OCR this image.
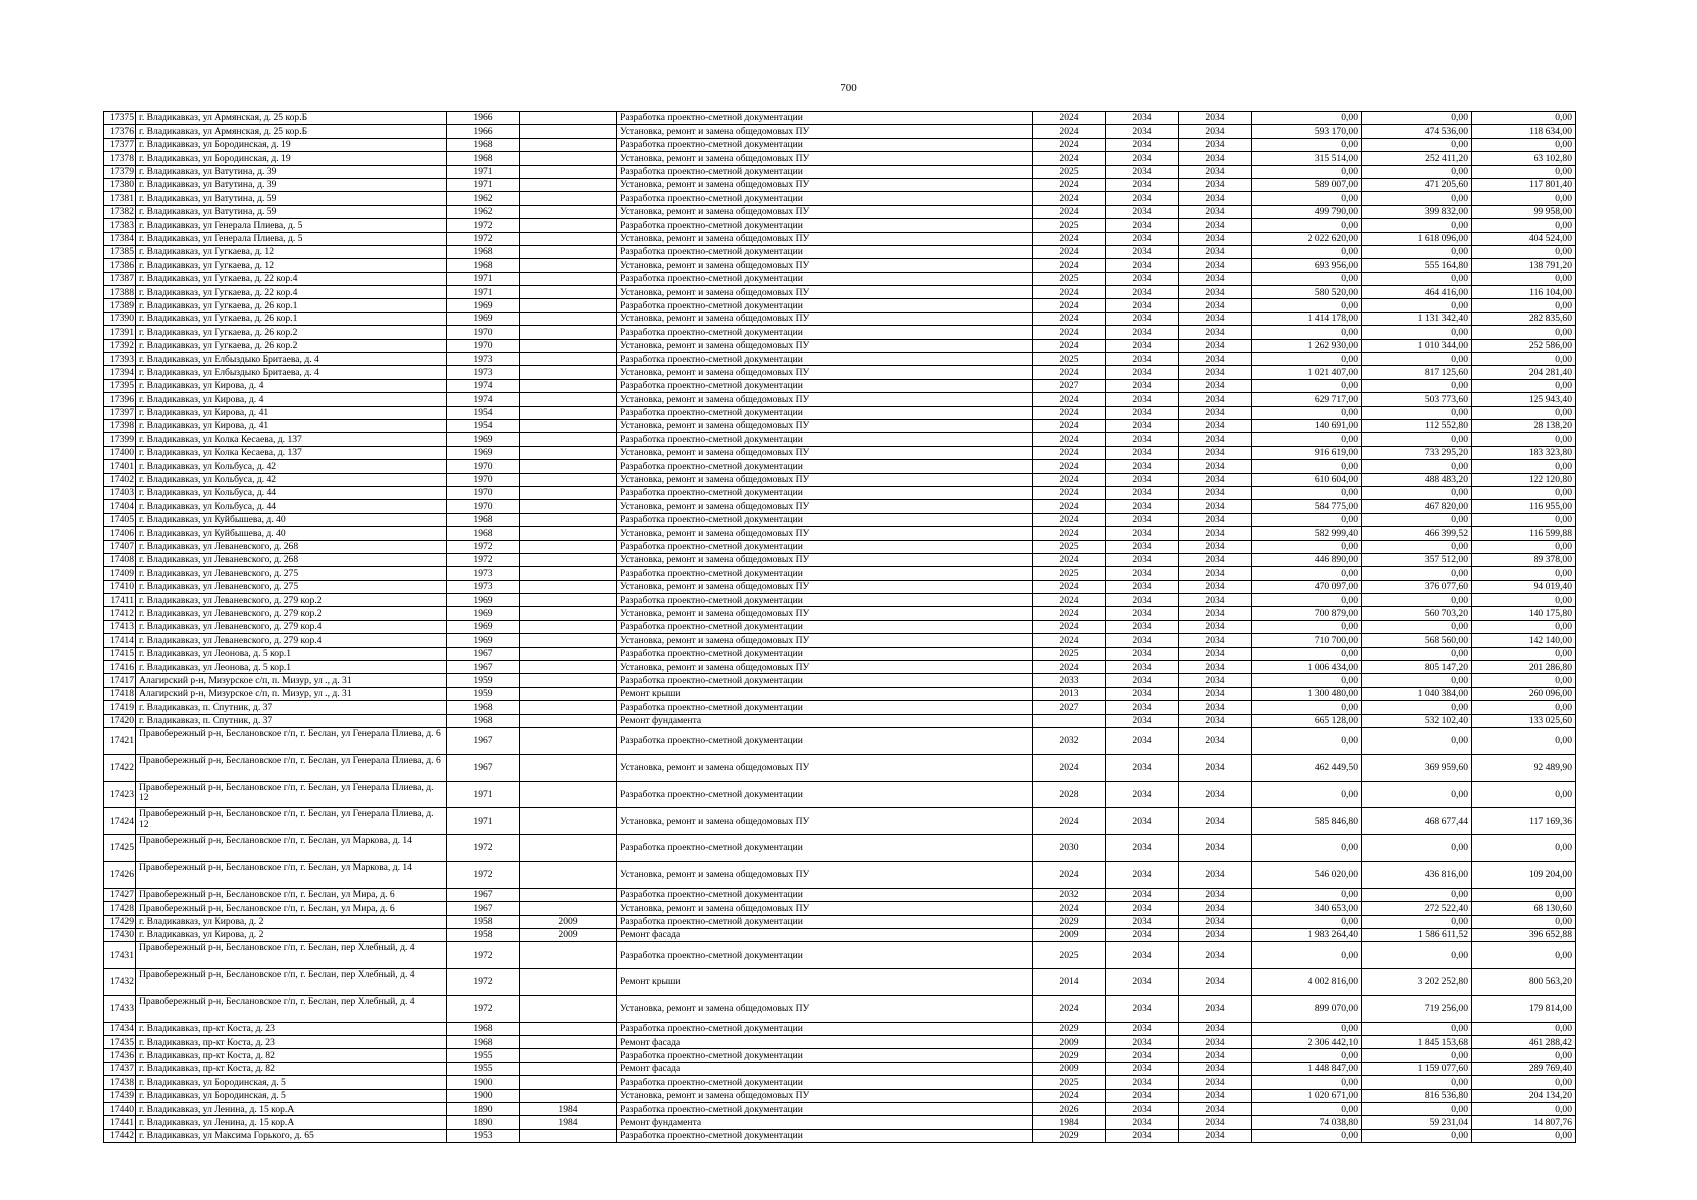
700
17375	г. Владикавказ, ул Армянская, д. 25 кор.Б	1966		Разработка проектно-сметной документации	2024	2034	2034	0,00	0,00	0,00
17376	г. Владикавказ, ул Армянская, д. 25 кор.Б	1966		Установка, ремонт и замена общедомовых ПУ	2024	2034	2034	593 170,00	474 536,00	118 634,00
17377	г. Владикавказ, ул Бородинская, д. 19	1968		Разработка проектно-сметной документации	2024	2034	2034	0,00	0,00	0,00
17378	г. Владикавказ, ул Бородинская, д. 19	1968		Установка, ремонт и замена общедомовых ПУ	2024	2034	2034	315 514,00	252 411,20	63 102,80
17379	г. Владикавказ, ул Ватутина, д. 39	1971		Разработка проектно-сметной документации	2025	2034	2034	0,00	0,00	0,00
17380	г. Владикавказ, ул Ватутина, д. 39	1971		Установка, ремонт и замена общедомовых ПУ	2024	2034	2034	589 007,00	471 205,60	117 801,40
17381	г. Владикавказ, ул Ватутина, д. 59	1962		Разработка проектно-сметной документации	2024	2034	2034	0,00	0,00	0,00
17382	г. Владикавказ, ул Ватутина, д. 59	1962		Установка, ремонт и замена общедомовых ПУ	2024	2034	2034	499 790,00	399 832,00	99 958,00
17383	г. Владикавказ, ул Генерала Плиева, д. 5	1972		Разработка проектно-сметной документации	2025	2034	2034	0,00	0,00	0,00
17384	г. Владикавказ, ул Генерала Плиева, д. 5	1972		Установка, ремонт и замена общедомовых ПУ	2024	2034	2034	2 022 620,00	1 618 096,00	404 524,00
17385	г. Владикавказ, ул Гугкаева, д. 12	1968		Разработка проектно-сметной документации	2024	2034	2034	0,00	0,00	0,00
17386	г. Владикавказ, ул Гугкаева, д. 12	1968		Установка, ремонт и замена общедомовых ПУ	2024	2034	2034	693 956,00	555 164,80	138 791,20
17387	г. Владикавказ, ул Гугкаева, д. 22 кор.4	1971		Разработка проектно-сметной документации	2025	2034	2034	0,00	0,00	0,00
17388	г. Владикавказ, ул Гугкаева, д. 22 кор.4	1971		Установка, ремонт и замена общедомовых ПУ	2024	2034	2034	580 520,00	464 416,00	116 104,00
17389	г. Владикавказ, ул Гугкаева, д. 26 кор.1	1969		Разработка проектно-сметной документации	2024	2034	2034	0,00	0,00	0,00
17390	г. Владикавказ, ул Гугкаева, д. 26 кор.1	1969		Установка, ремонт и замена общедомовых ПУ	2024	2034	2034	1 414 178,00	1 131 342,40	282 835,60
17391	г. Владикавказ, ул Гугкаева, д. 26 кор.2	1970		Разработка проектно-сметной документации	2024	2034	2034	0,00	0,00	0,00
17392	г. Владикавказ, ул Гугкаева, д. 26 кор.2	1970		Установка, ремонт и замена общедомовых ПУ	2024	2034	2034	1 262 930,00	1 010 344,00	252 586,00
17393	г. Владикавказ, ул Елбыздыко Бритаева, д. 4	1973		Разработка проектно-сметной документации	2025	2034	2034	0,00	0,00	0,00
17394	г. Владикавказ, ул Елбыздыко Бритаева, д. 4	1973		Установка, ремонт и замена общедомовых ПУ	2024	2034	2034	1 021 407,00	817 125,60	204 281,40
17395	г. Владикавказ, ул Кирова, д. 4	1974		Разработка проектно-сметной документации	2027	2034	2034	0,00	0,00	0,00
17396	г. Владикавказ, ул Кирова, д. 4	1974		Установка, ремонт и замена общедомовых ПУ	2024	2034	2034	629 717,00	503 773,60	125 943,40
17397	г. Владикавказ, ул Кирова, д. 41	1954		Разработка проектно-сметной документации	2024	2034	2034	0,00	0,00	0,00
17398	г. Владикавказ, ул Кирова, д. 41	1954		Установка, ремонт и замена общедомовых ПУ	2024	2034	2034	140 691,00	112 552,80	28 138,20
17399	г. Владикавказ, ул Колка Кесаева, д. 137	1969		Разработка проектно-сметной документации	2024	2034	2034	0,00	0,00	0,00
17400	г. Владикавказ, ул Колка Кесаева, д. 137	1969		Установка, ремонт и замена общедомовых ПУ	2024	2034	2034	916 619,00	733 295,20	183 323,80
17401	г. Владикавказ, ул Кольбуса, д. 42	1970		Разработка проектно-сметной документации	2024	2034	2034	0,00	0,00	0,00
17402	г. Владикавказ, ул Кольбуса, д. 42	1970		Установка, ремонт и замена общедомовых ПУ	2024	2034	2034	610 604,00	488 483,20	122 120,80
17403	г. Владикавказ, ул Кольбуса, д. 44	1970		Разработка проектно-сметной документации	2024	2034	2034	0,00	0,00	0,00
17404	г. Владикавказ, ул Кольбуса, д. 44	1970		Установка, ремонт и замена общедомовых ПУ	2024	2034	2034	584 775,00	467 820,00	116 955,00
17405	г. Владикавказ, ул Куйбышева, д. 40	1968		Разработка проектно-сметной документации	2024	2034	2034	0,00	0,00	0,00
17406	г. Владикавказ, ул Куйбышева, д. 40	1968		Установка, ремонт и замена общедомовых ПУ	2024	2034	2034	582 999,40	466 399,52	116 599,88
17407	г. Владикавказ, ул Леваневского, д. 268	1972		Разработка проектно-сметной документации	2025	2034	2034	0,00	0,00	0,00
17408	г. Владикавказ, ул Леваневского, д. 268	1972		Установка, ремонт и замена общедомовых ПУ	2024	2034	2034	446 890,00	357 512,00	89 378,00
17409	г. Владикавказ, ул Леваневского, д. 275	1973		Разработка проектно-сметной документации	2025	2034	2034	0,00	0,00	0,00
17410	г. Владикавказ, ул Леваневского, д. 275	1973		Установка, ремонт и замена общедомовых ПУ	2024	2034	2034	470 097,00	376 077,60	94 019,40
17411	г. Владикавказ, ул Леваневского, д. 279 кор.2	1969		Разработка проектно-сметной документации	2024	2034	2034	0,00	0,00	0,00
17412	г. Владикавказ, ул Леваневского, д. 279 кор.2	1969		Установка, ремонт и замена общедомовых ПУ	2024	2034	2034	700 879,00	560 703,20	140 175,80
17413	г. Владикавказ, ул Леваневского, д. 279 кор.4	1969		Разработка проектно-сметной документации	2024	2034	2034	0,00	0,00	0,00
17414	г. Владикавказ, ул Леваневского, д. 279 кор.4	1969		Установка, ремонт и замена общедомовых ПУ	2024	2034	2034	710 700,00	568 560,00	142 140,00
17415	г. Владикавказ, ул Леонова, д. 5 кор.1	1967		Разработка проектно-сметной документации	2025	2034	2034	0,00	0,00	0,00
17416	г. Владикавказ, ул Леонова, д. 5 кор.1	1967		Установка, ремонт и замена общедомовых ПУ	2024	2034	2034	1 006 434,00	805 147,20	201 286,80
17417	Алагирский р-н, Мизурское с/п, п. Мизур, ул ., д. 31	1959		Разработка проектно-сметной документации	2033	2034	2034	0,00	0,00	0,00
17418	Алагирский р-н, Мизурское с/п, п. Мизур, ул ., д. 31	1959		Ремонт крыши	2013	2034	2034	1 300 480,00	1 040 384,00	260 096,00
17419	г. Владикавказ, п. Спутник, д. 37	1968		Разработка проектно-сметной документации	2027	2034	2034	0,00	0,00	0,00
17420	г. Владикавказ, п. Спутник, д. 37	1968		Ремонт фундамента		2034	2034	665 128,00	532 102,40	133 025,60
17421	Правобережный р-н, Беслановское г/п, г. Беслан, ул Генерала Плиева, д. 6	1967		Разработка проектно-сметной документации	2032	2034	2034	0,00	0,00	0,00
17422	Правобережный р-н, Беслановское г/п, г. Беслан, ул Генерала Плиева, д. 6	1967		Установка, ремонт и замена общедомовых ПУ	2024	2034	2034	462 449,50	369 959,60	92 489,90
17423	Правобережный р-н, Беслановское г/п, г. Беслан, ул Генерала Плиева, д. 12	1971		Разработка проектно-сметной документации	2028	2034	2034	0,00	0,00	0,00
17424	Правобережный р-н, Беслановское г/п, г. Беслан, ул Генерала Плиева, д. 12	1971		Установка, ремонт и замена общедомовых ПУ	2024	2034	2034	585 846,80	468 677,44	117 169,36
17425	Правобережный р-н, Беслановское г/п, г. Беслан, ул Маркова, д. 14	1972		Разработка проектно-сметной документации	2030	2034	2034	0,00	0,00	0,00
17426	Правобережный р-н, Беслановское г/п, г. Беслан, ул Маркова, д. 14	1972		Установка, ремонт и замена общедомовых ПУ	2024	2034	2034	546 020,00	436 816,00	109 204,00
17427	Правобережный р-н, Беслановское г/п, г. Беслан, ул Мира, д. 6	1967		Разработка проектно-сметной документации	2032	2034	2034	0,00	0,00	0,00
17428	Правобережный р-н, Беслановское г/п, г. Беслан, ул Мира, д. 6	1967		Установка, ремонт и замена общедомовых ПУ	2024	2034	2034	340 653,00	272 522,40	68 130,60
17429	г. Владикавказ, ул Кирова, д. 2	1958	2009	Разработка проектно-сметной документации	2029	2034	2034	0,00	0,00	0,00
17430	г. Владикавказ, ул Кирова, д. 2	1958	2009	Ремонт фасада	2009	2034	2034	1 983 264,40	1 586 611,52	396 652,88
17431	Правобережный р-н, Беслановское г/п, г. Беслан, пер Хлебный, д. 4	1972		Разработка проектно-сметной документации	2025	2034	2034	0,00	0,00	0,00
17432	Правобережный р-н, Беслановское г/п, г. Беслан, пер Хлебный, д. 4	1972		Ремонт крыши	2014	2034	2034	4 002 816,00	3 202 252,80	800 563,20
17433	Правобережный р-н, Беслановское г/п, г. Беслан, пер Хлебный, д. 4	1972		Установка, ремонт и замена общедомовых ПУ	2024	2034	2034	899 070,00	719 256,00	179 814,00
17434	г. Владикавказ, пр-кт Коста, д. 23	1968		Разработка проектно-сметной документации	2029	2034	2034	0,00	0,00	0,00
17435	г. Владикавказ, пр-кт Коста, д. 23	1968		Ремонт фасада	2009	2034	2034	2 306 442,10	1 845 153,68	461 288,42
17436	г. Владикавказ, пр-кт Коста, д. 82	1955		Разработка проектно-сметной документации	2029	2034	2034	0,00	0,00	0,00
17437	г. Владикавказ, пр-кт Коста, д. 82	1955		Ремонт фасада	2009	2034	2034	1 448 847,00	1 159 077,60	289 769,40
17438	г. Владикавказ, ул Бородинская, д. 5	1900		Разработка проектно-сметной документации	2025	2034	2034	0,00	0,00	0,00
17439	г. Владикавказ, ул Бородинская, д. 5	1900		Установка, ремонт и замена общедомовых ПУ	2024	2034	2034	1 020 671,00	816 536,80	204 134,20
17440	г. Владикавказ, ул Ленина, д. 15 кор.А	1890	1984	Разработка проектно-сметной документации	2026	2034	2034	0,00	0,00	0,00
17441	г. Владикавказ, ул Ленина, д. 15 кор.А	1890	1984	Ремонт фундамента	1984	2034	2034	74 038,80	59 231,04	14 807,76
17442	г. Владикавказ, ул Максима Горького, д. 65	1953		Разработка проектно-сметной документации	2029	2034	2034	0,00	0,00	0,00
